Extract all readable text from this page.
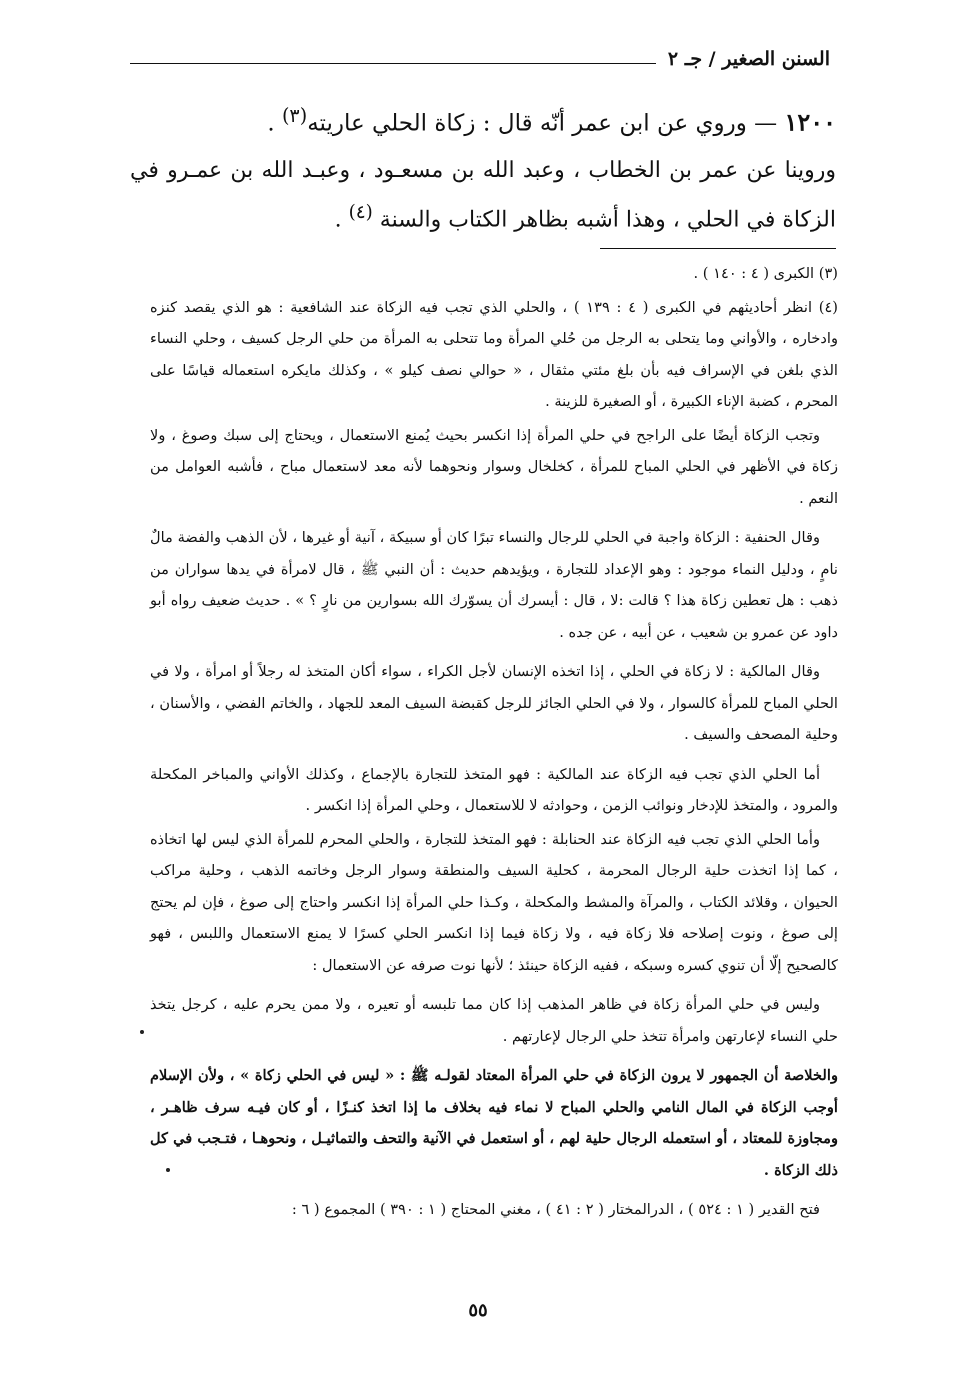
السنن الصغير / جـ ٢
١٢٠٠ — وروي عن ابن عمر أنّه قال : زكاة الحلي عاريته$^{(٣)}$ .
وروينا عن عمر بن الخطاب ، وعبد الله بن مسعـود ، وعبـد الله بن عمـرو في الزكاة في الحلي ، وهذا أشبه بظاهر الكتاب والسنة $^{(٤)}$ .

(٣) الكبرى ( ٤ : ١٤٠ ) .

(٤) انظر أحاديثهم في الكبرى ( ٤ : ١٣٩ ) ، والحلي الذي تجب فيه الزكاة عند الشافعية : هو الذي يقصد كنزه وادخاره ، والأواني وما يتحلى به الرجل من حُلي المرأة وما تتحلى به المرأة من حلي الرجل كسيف ، وحلي النساء الذي بلغن في الإسراف فيه بأن بلغ مئتي مثقال ، « حوالي نصف كيلو » ، وكذلك مايكره استعماله قياسًا على المحرم ، كضبة الإناء الكبيرة ، أو الصغيرة للزينة .

وتجب الزكاة أيضًا على الراجح في حلي المرأة إذا انكسر بحيث يُمنع الاستعمال ، ويحتاج إلى سبك وصوغ ، ولا زكاة في الأظهر في الحلي المباح للمرأة ، كخلخال وسوار ونحوهما لأنه معد لاستعمال مباح ، فأشبه العوامل من النعم .

وقال الحنفية : الزكاة واجبة في الحلي للرجال والنساء تبرًا كان أو سبيكة ، آنية أو غيرها ، لأن الذهب والفضة مالٌ نامٍ ، ودليل النماء موجود : وهو الإعداد للتجارة ، ويؤيدهم حديث : أن النبي ﷺ ، قال لامرأة في يدها سواران من ذهب : هل تعطين زكاة هذا ؟ قالت :لا ، قال : أيسرك أن يسوّرك الله بسوارين من نارٍ ؟ » . حديث ضعيف رواه أبو داود عن عمرو بن شعيب ، عن أبيه ، عن جده .

وقال المالكية : لا زكاة في الحلي ، إذا اتخذه الإنسان لأجل الكراء ، سواء أكان المتخذ له رجلاً أو امرأة ، ولا في الحلي المباح للمرأة كالسوار ، ولا في الحلي الجائز للرجل كقبضة السيف المعد للجهاد ، والخاتم الفضي ، والأسنان ، وحلية المصحف والسيف .

أما الحلي الذي تجب فيه الزكاة عند المالكية : فهو المتخذ للتجارة بالإجماع ، وكذلك الأواني والمباخر المكحلة والمرود ، والمتخذ للإدخار ونوائب الزمن ، وحوادثه لا للاستعمال ، وحلي المرأة إذا انكسر .

وأما الحلي الذي تجب فيه الزكاة عند الحنابلة : فهو المتخذ للتجارة ، والحلي المحرم للمرأة الذي ليس لها اتخاذه ، كما إذا اتخذت حلية الرجال المحرمة ، كحلية السيف والمنطقة وسوار الرجل وخاتمه الذهب ، وحلية مراكب الحيوان ، وقلائد الكتاب ، والمرآة والمشط والمكحلة ، وكـذا حلي المرأة إذا انكسر واحتاج إلى صوغ ، فإن لم يحتج إلى صوغ ، ونوت إصلاحه فلا زكاة فيه ، ولا زكاة فيما إذا انكسر الحلي كسرًا لا يمنع الاستعمال واللبس ، فهو كالصحيح إلّا أن تنوي كسره وسبكه ، ففيه الزكاة حينئذ ؛ لأنها نوت صرفه عن الاستعمال :

وليس في حلي المرأة زكاة في ظاهر المذهب إذا كان مما تلبسه أو تعيره ، ولا ممن يحرم عليه ، كرجل يتخذ حلي النساء لإعارتهن وامرأة تتخذ حلي الرجال لإعارتهم .

والخلاصة أن الجمهور لا يرون الزكاة في حلي المرأة المعتاد لقولـه ﷺ : « ليس في الحلي زكاة » ، ولأن الإسلام أوجب الزكاة في المال النامي والحلي المباح لا نماء فيه بخلاف ما إذا اتخذ كنـزًا ، أو كان فيـه سرف ظاهـر ، ومجاوزة للمعتاد ، أو استعمله الرجال حلية لهم ، أو استعمل في الآنية والتحف والتماثيـل ، ونحوهـا ، فتـجب في كل ذلك الزكاة .

فتح القدير ( ١ : ٥٢٤ ) ، الدرالمختار ( ٢ : ٤١ ) ، مغني المحتاج ( ١ : ٣٩٠ ) المجموع ( ٦ :

٥٥
